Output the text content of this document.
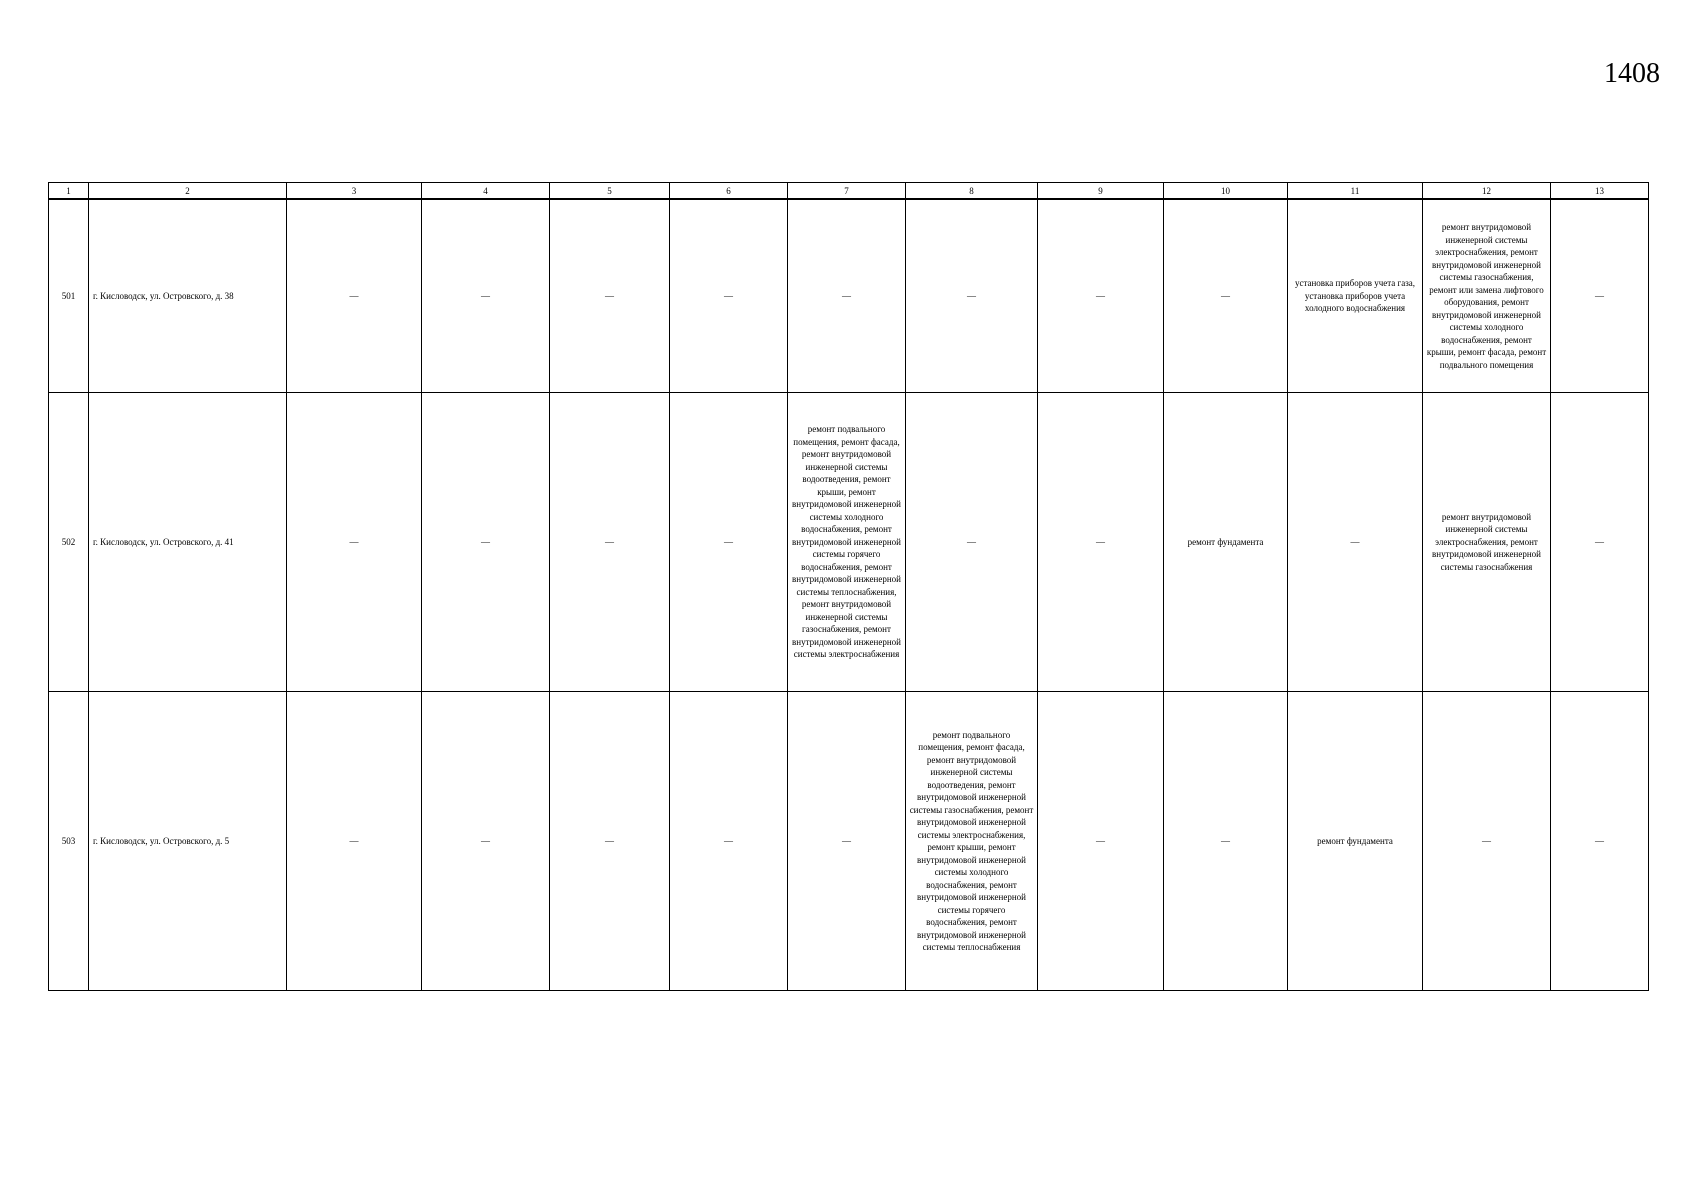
1408
1	2	3	4	5	6	7	8	9	10	11	12	13
501	г. Кисловодск, ул. Островского, д. 38	—	—	—	—	—	—	—	—	установка приборов учета газа, установка приборов учета холодного водоснабжения	ремонт внутридомовой инженерной системы электроснабжения, ремонт внутридомовой инженерной системы газоснабжения, ремонт или замена лифтового оборудования, ремонт внутридомовой инженерной системы холодного водоснабжения, ремонт крыши, ремонт фасада, ремонт подвального помещения	—
502	г. Кисловодск, ул. Островского, д. 41	—	—	—	—	ремонт подвального помещения, ремонт фасада, ремонт внутридомовой инженерной системы водоотведения, ремонт крыши, ремонт внутридомовой инженерной системы холодного водоснабжения, ремонт внутридомовой инженерной системы горячего водоснабжения, ремонт внутридомовой инженерной системы теплоснабжения, ремонт внутридомовой инженерной системы газоснабжения, ремонт внутридомовой инженерной системы электроснабжения	—	—	ремонт фундамента	—	ремонт внутридомовой инженерной системы электроснабжения, ремонт внутридомовой инженерной системы газоснабжения	—
503	г. Кисловодск, ул. Островского, д. 5	—	—	—	—	—	ремонт подвального помещения, ремонт фасада, ремонт внутридомовой инженерной системы водоотведения, ремонт внутридомовой инженерной системы газоснабжения, ремонт внутридомовой инженерной системы электроснабжения, ремонт крыши, ремонт внутридомовой инженерной системы холодного водоснабжения, ремонт внутридомовой инженерной системы горячего водоснабжения, ремонт внутридомовой инженерной системы теплоснабжения	—	—	ремонт фундамента	—	—
